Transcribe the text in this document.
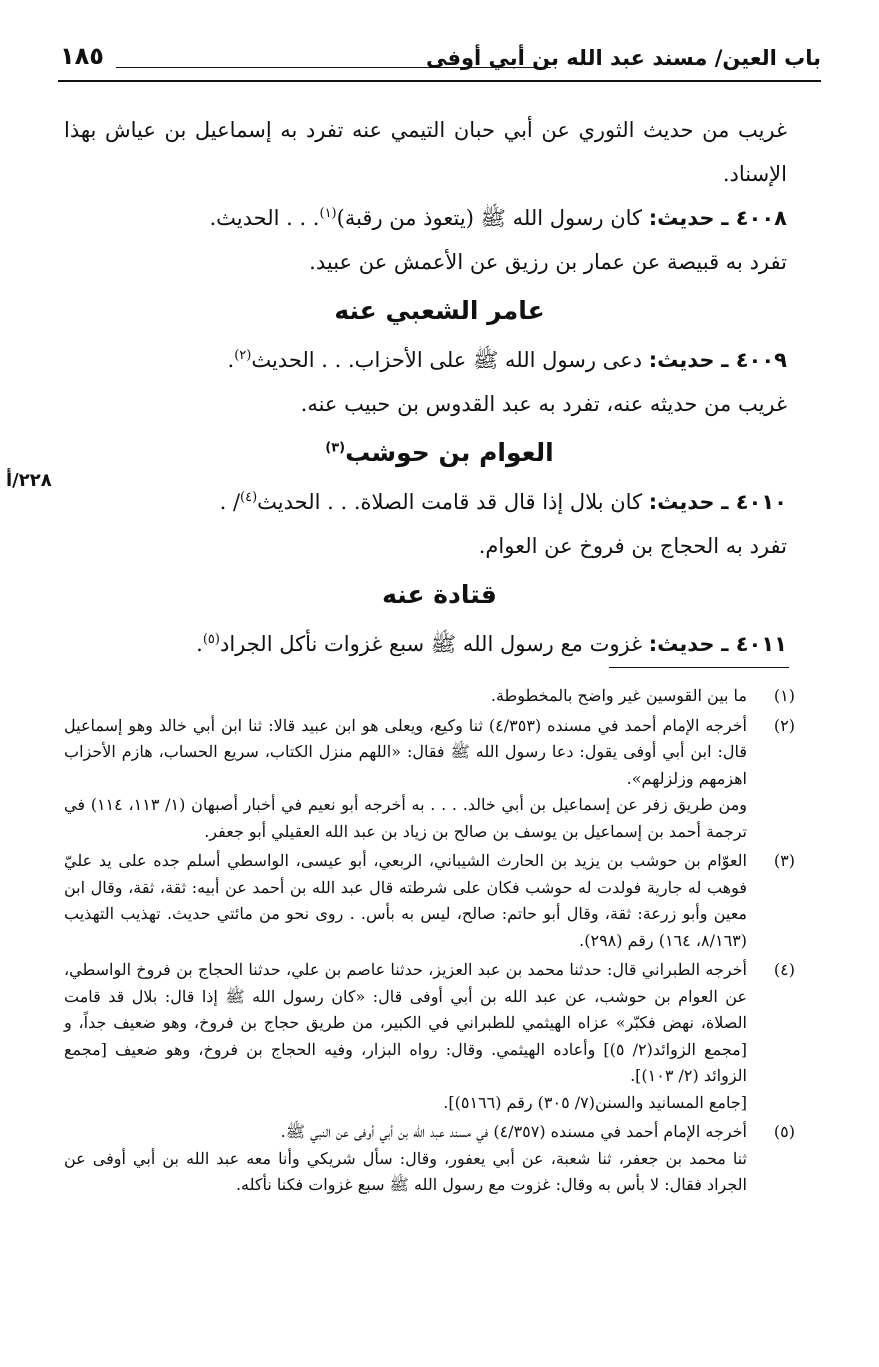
باب العين/ مسند عبد الله بن أبي أوفى
١٨٥
٢٢٨/أ

غريب من حديث الثوري عن أبي حبان التيمي عنه تفرد به إسماعيل بن عياش بهذا الإسناد.

٤٠٠٨ ـ حديث: كان رسول الله ﷺ (يتعوذ من رقبة)$^{(١)}$. . . الحديث.

تفرد به قبيصة عن عمار بن رزيق عن الأعمش عن عبيد.

عامر الشعبي عنه

٤٠٠٩ ـ حديث: دعى رسول الله ﷺ على الأحزاب. . . الحديث$^{(٢)}$.

غريب من حديثه عنه، تفرد به عبد القدوس بن حبيب عنه.

العوام بن حوشب$^{(٣)}$

٤٠١٠ ـ حديث: كان بلال إذا قال قد قامت الصلاة. . . الحديث$^{(٤)}$/ .

تفرد به الحجاج بن فروخ عن العوام.

قتادة عنه

٤٠١١ ـ حديث: غزوت مع رسول الله ﷺ سبع غزوات نأكل الجراد$^{(٥)}$.

(١)

ما بين القوسين غير واضح بالمخطوطة.

(٢)

أخرجه الإمام أحمد في مسنده (٤/٣٥٣) ثنا وكيع، ويعلى هو ابن عبيد قالا: ثنا ابن أبي خالد وهو إسماعيل قال: ابن أبي أوفى يقول: دعا رسول الله ﷺ فقال: «اللهم منزل الكتاب، سريع الحساب، هازم الأحزاب اهزمهم وزلزلهم».

ومن طريق زفر عن إسماعيل بن أبي خالد. . . . به أخرجه أبو نعيم في أخبار أصبهان (١/ ١١٣، ١١٤) في ترجمة أحمد بن إسماعيل بن يوسف بن صالح بن زياد بن عبد الله العقيلي أبو جعفر.

(٣)

العوّام بن حوشب بن يزيد بن الحارث الشيباني، الربعي، أبو عيسى، الواسطي أسلم جده على يد عليّ فوهب له جارية فولدت له حوشب فكان على شرطته قال عبد الله بن أحمد عن أبيه: ثقة، ثقة، وقال ابن معين وأبو زرعة: ثقة، وقال أبو حاتم: صالح، ليس به بأس. . روى نحو من مائتي حديث. تهذيب التهذيب (٨/١٦٣، ١٦٤) رقم (٢٩٨).

(٤)

أخرجه الطبراني قال: حدثنا محمد بن عبد العزيز، حدثنا عاصم بن علي، حدثنا الحجاج بن فروخ الواسطي، عن العوام بن حوشب، عن عبد الله بن أبي أوفى قال: «كان رسول الله ﷺ إذا قال: بلال قد قامت الصلاة، نهض فكبّر» عزاه الهيثمي للطبراني في الكبير، من طريق حجاج بن فروخ، وهو ضعيف جداً، و [مجمع الزوائد(٢/ ٥)] وأعاده الهيثمي. وقال: رواه البزار، وفيه الحجاج بن فروخ، وهو ضعيف [مجمع الزوائد (٢/ ١٠٣)].

[جامع المسانيد والسنن(٧/ ٣٠٥) رقم (٥١٦٦)].

(٥)

أخرجه الإمام أحمد في مسنده (٤/٣٥٧) في مسند عبد الله بن أبي أوفى عن النبي ﷺ.

ثنا محمد بن جعفر، ثنا شعبة، عن أبي يعفور، وقال: سأل شريكي وأنا معه عبد الله بن أبي أوفى عن الجراد فقال: لا بأس به وقال: غزوت مع رسول الله ﷺ سبع غزوات فكنا نأكله.
